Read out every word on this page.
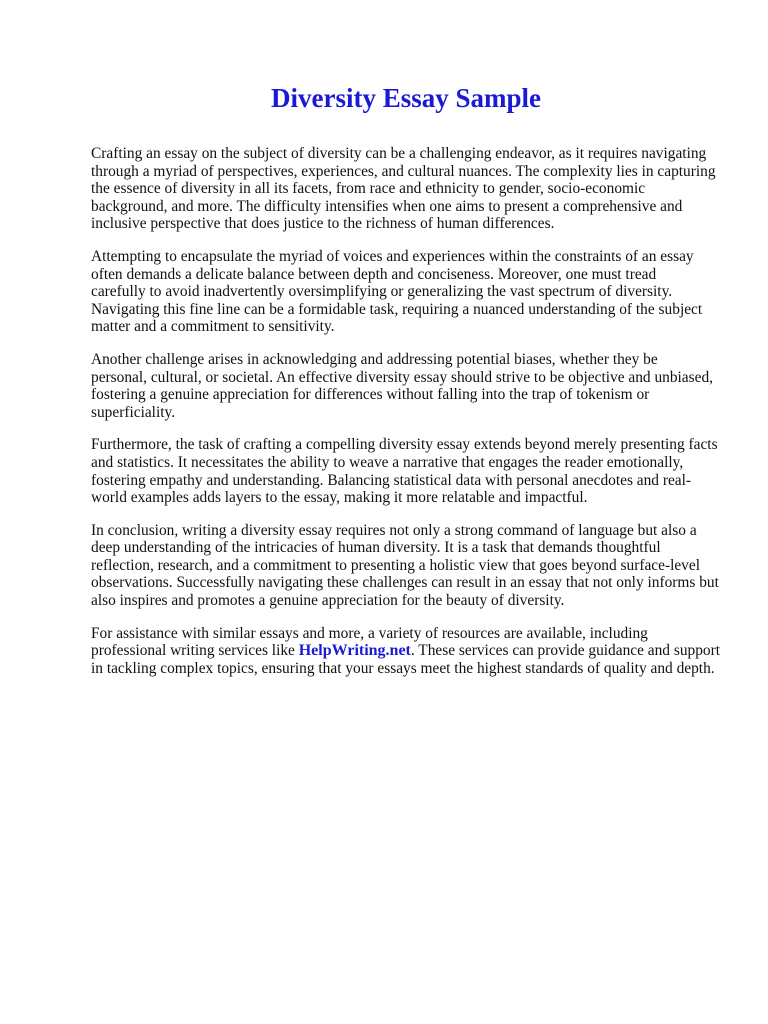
Diversity Essay Sample

Crafting an essay on the subject of diversity can be a challenging endeavor, as it requires navigating
through a myriad of perspectives, experiences, and cultural nuances. The complexity lies in capturing
the essence of diversity in all its facets, from race and ethnicity to gender, socio-economic
background, and more. The difficulty intensifies when one aims to present a comprehensive and
inclusive perspective that does justice to the richness of human differences.

Attempting to encapsulate the myriad of voices and experiences within the constraints of an essay
often demands a delicate balance between depth and conciseness. Moreover, one must tread
carefully to avoid inadvertently oversimplifying or generalizing the vast spectrum of diversity.
Navigating this fine line can be a formidable task, requiring a nuanced understanding of the subject
matter and a commitment to sensitivity.

Another challenge arises in acknowledging and addressing potential biases, whether they be
personal, cultural, or societal. An effective diversity essay should strive to be objective and unbiased,
fostering a genuine appreciation for differences without falling into the trap of tokenism or
superficiality.

Furthermore, the task of crafting a compelling diversity essay extends beyond merely presenting facts
and statistics. It necessitates the ability to weave a narrative that engages the reader emotionally,
fostering empathy and understanding. Balancing statistical data with personal anecdotes and real-
world examples adds layers to the essay, making it more relatable and impactful.

In conclusion, writing a diversity essay requires not only a strong command of language but also a
deep understanding of the intricacies of human diversity. It is a task that demands thoughtful
reflection, research, and a commitment to presenting a holistic view that goes beyond surface-level
observations. Successfully navigating these challenges can result in an essay that not only informs but
also inspires and promotes a genuine appreciation for the beauty of diversity.

For assistance with similar essays and more, a variety of resources are available, including
professional writing services like HelpWriting.net. These services can provide guidance and support
in tackling complex topics, ensuring that your essays meet the highest standards of quality and depth.
